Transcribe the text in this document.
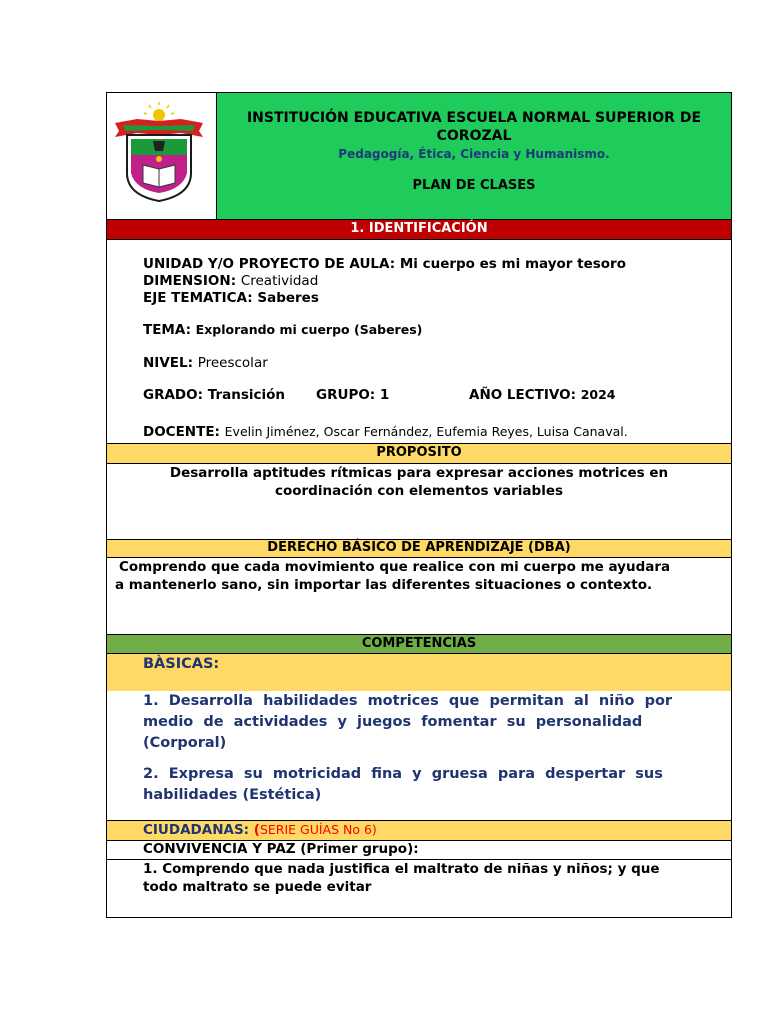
INSTITUCIÓN EDUCATIVA ESCUELA NORMAL SUPERIOR DE COROZAL
Pedagogía, Ética, Ciencia y Humanismo.
PLAN DE CLASES
1. IDENTIFICACIÓN
UNIDAD Y/O PROYECTO DE AULA: Mi cuerpo es mi mayor tesoro
DIMENSION: Creatividad
EJE TEMATICA: Saberes
TEMA: Explorando mi cuerpo (Saberes)
NIVEL: Preescolar
GRADO: Transición GRUPO: 1	AÑO LECTIVO: 2024
DOCENTE: Evelin Jiménez, Oscar Fernández, Eufemia Reyes, Luisa Canaval.
PROPOSITO
Desarrolla aptitudes rítmicas para expresar acciones motrices en
coordinación con elementos variables
DERECHO BÁSICO DE APRENDIZAJE (DBA)
Comprendo que cada movimiento que realice con mi cuerpo me ayudara
a mantenerlo sano, sin importar las diferentes situaciones o contexto.
COMPETENCIAS
BÀSICAS:
1.  Desarrolla  habilidades  motrices  que  permitan  al  niño  por
medio  de  actividades  y  juegos  fomentar  su  personalidad
(Corporal)
2.  Expresa  su  motricidad  fina  y  gruesa  para  despertar  sus
habilidades (Estética)
CIUDADANAS: (SERIE GUÍAS No 6)
CONVIVENCIA Y PAZ (Primer grupo):
1. Comprendo que nada justifica el maltrato de niñas y niños; y que
todo maltrato se puede evitar
